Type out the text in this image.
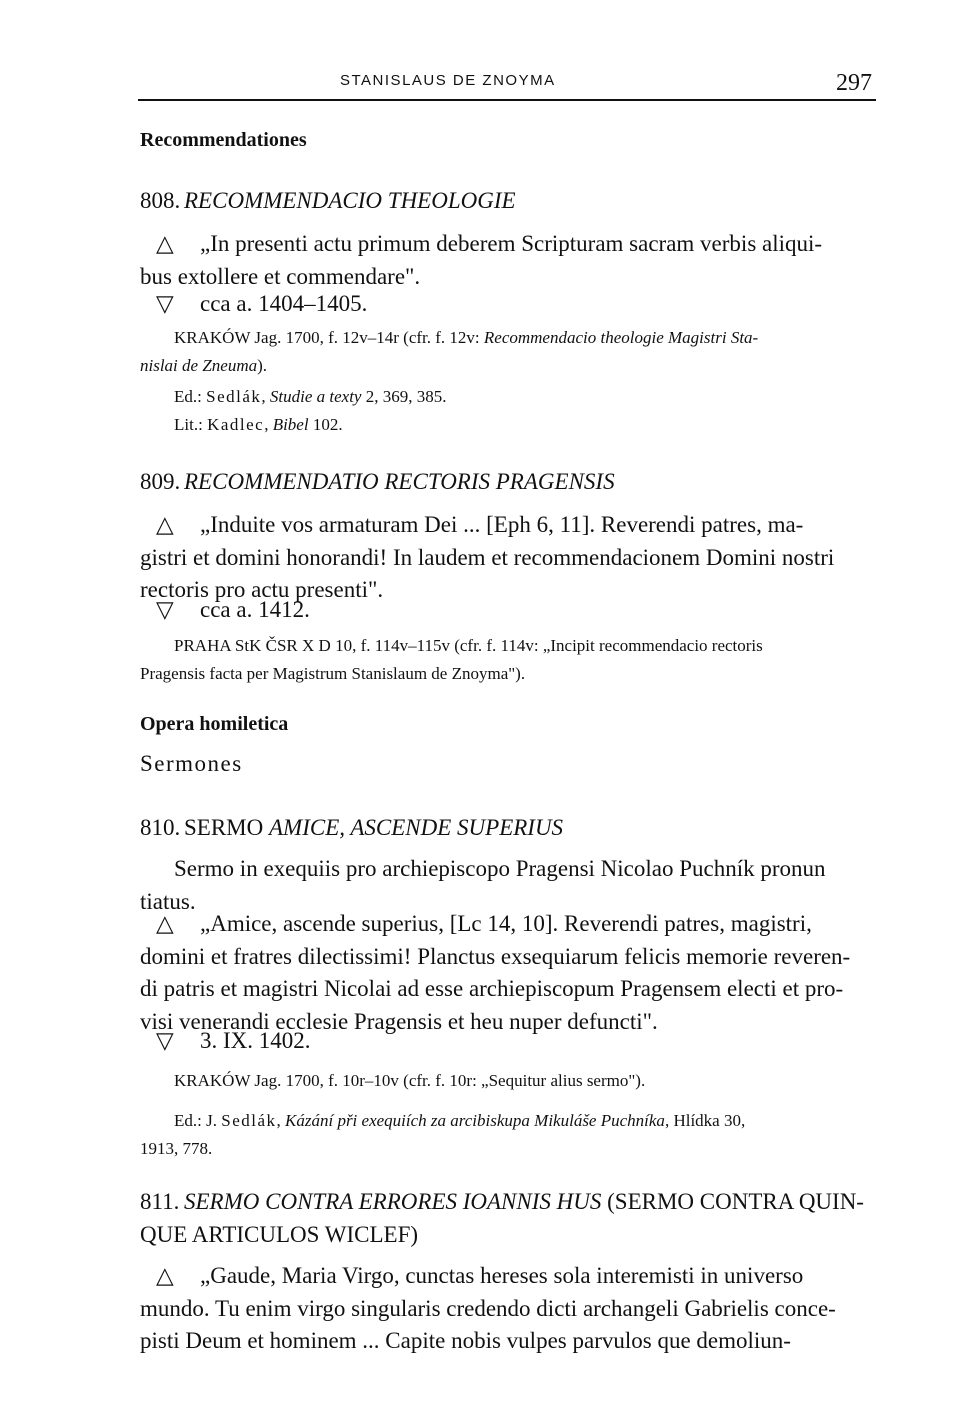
STANISLAUS DE ZNOYMA	297
Recommendationes
808. RECOMMENDACIO THEOLOGIE
△ „In presenti actu primum deberem Scripturam sacram verbis aliqui-
bus extollere et commendare".
▽ cca a. 1404–1405.
KRAKÓW Jag. 1700, f. 12v–14r (cfr. f. 12v: Recommendacio theologie Magistri Sta-
nislai de Zneuma).
Ed.: Sedlák, Studie a texty 2, 369, 385.
Lit.: Kadlec, Bibel 102.
809. RECOMMENDATIO RECTORIS PRAGENSIS
△ „Induite vos armaturam Dei ... [Eph 6, 11]. Reverendi patres, ma-
gistri et domini honorandi! In laudem et recommendacionem Domini nostri
rectoris pro actu presenti".
▽ cca a. 1412.
PRAHA StK ČSR X D 10, f. 114v–115v (cfr. f. 114v: „Incipit recommendacio rectoris
Pragensis facta per Magistrum Stanislaum de Znoyma").
Opera homiletica
Sermones
810. SERMO AMICE, ASCENDE SUPERIUS
Sermo in exequiis pro archiepiscopo Pragensi Nicolao Puchník pronun
tiatus.
△ „Amice, ascende superius, [Lc 14, 10]. Reverendi patres, magistri,
domini et fratres dilectissimi! Planctus exsequiarum felicis memorie reveren-
di patris et magistri Nicolai ad esse archiepiscopum Pragensem electi et pro-
visi venerandi ecclesie Pragensis et heu nuper defuncti".
▽ 3. IX. 1402.
KRAKÓW Jag. 1700, f. 10r–10v (cfr. f. 10r: „Sequitur alius sermo").
Ed.: J. Sedlák, Kázání při exequiích za arcibiskupa Mikuláše Puchníka, Hlídka 30,
1913, 778.
811. SERMO CONTRA ERRORES IOANNIS HUS (SERMO CONTRA QUIN-
QUE ARTICULOS WICLEF)
△ „Gaude, Maria Virgo, cunctas hereses sola interemisti in universo
mundo. Tu enim virgo singularis credendo dicti archangeli Gabrielis conce-
pisti Deum et hominem ... Capite nobis vulpes parvulos que demoliun-
